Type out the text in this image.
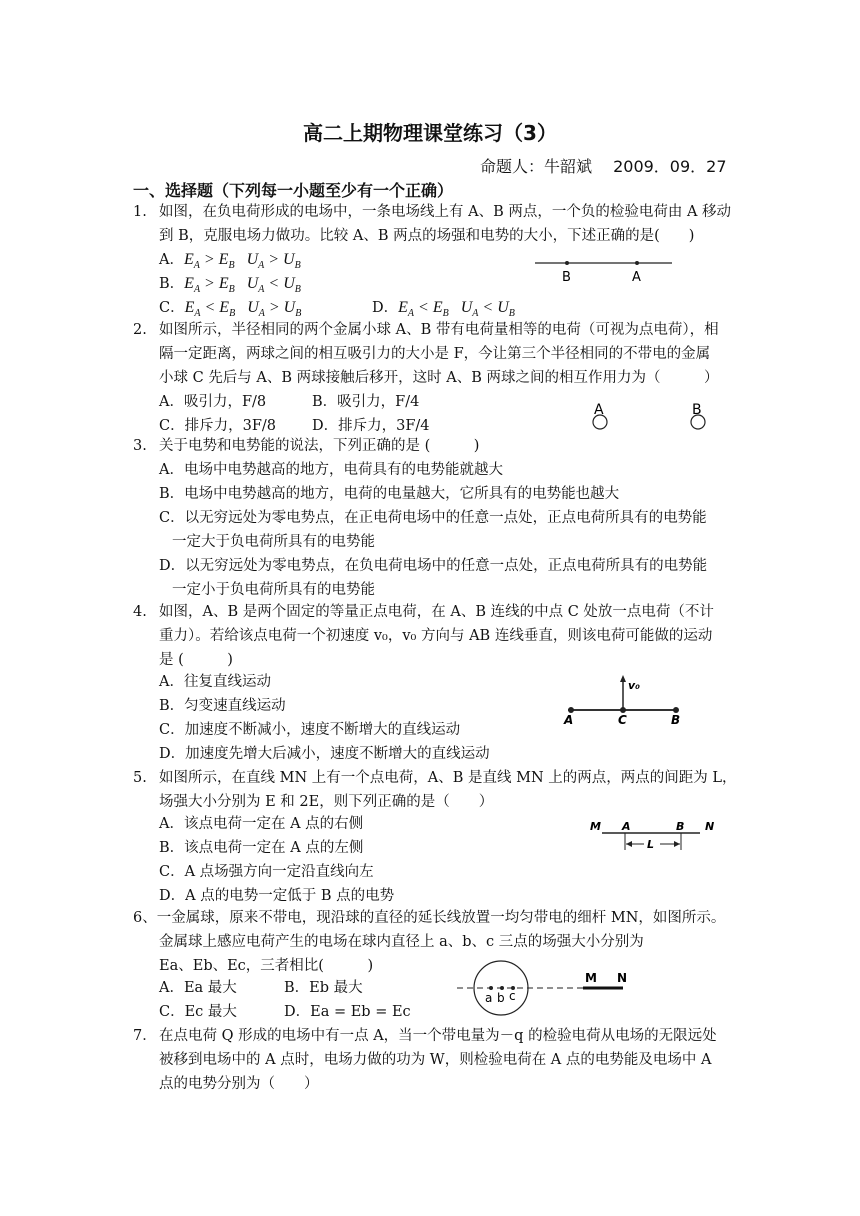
高二上期物理课堂练习（3）
命题人：牛韶斌　 2009．09．27
一、选择题（下列每一小题至少有一个正确）
1. 如图，在负电荷形成的电场中，一条电场线上有 A、B 两点，一个负的检验电荷由 A 移动
到 B，克服电场力做功。比较 A、B 两点的场强和电势的大小，下述正确的是(　　)
A．$E_A > E_B$   $U_A > U_B$
B．$E_A > E_B$   $U_A < U_B$
C．$E_A < E_B$   $U_A > U_B$	D．$E_A < E_B$   $U_A < U_B$
B	A
2. 如图所示，半径相同的两个金属小球 A、B 带有电荷量相等的电荷（可视为点电荷），相
隔一定距离，两球之间的相互吸引力的大小是 F，今让第三个半径相同的不带电的金属
小球 C 先后与 A、B 两球接触后移开，这时 A、B 两球之间的相互作用力为（　　　）
A．吸引力，F/8	B．吸引力，F/4
C．排斥力，3F/8 D．排斥力，3F/4
A	B
3. 关于电势和电势能的说法，下列正确的是 (　　　)
A．电场中电势越高的地方，电荷具有的电势能就越大
B．电场中电势越高的地方，电荷的电量越大，它所具有的电势能也越大
C．以无穷远处为零电势点，在正电荷电场中的任意一点处，正点电荷所具有的电势能
一定大于负电荷所具有的电势能
D．以无穷远处为零电势点，在负电荷电场中的任意一点处，正点电荷所具有的电势能
一定小于负电荷所具有的电势能
4. 如图，A、B 是两个固定的等量正点电荷，在 A、B 连线的中点 C 处放一点电荷（不计
重力）。若给该点电荷一个初速度 v₀，v₀ 方向与 AB 连线垂直，则该电荷可能做的运动
是 (　　　)
A．往复直线运动
B．匀变速直线运动
C．加速度不断减小，速度不断增大的直线运动
D．加速度先增大后减小，速度不断增大的直线运动
v₀
A	C	B
5. 如图所示，在直线 MN 上有一个点电荷，A、B 是直线 MN 上的两点，两点的间距为 L，
场强大小分别为 E 和 2E，则下列正确的是（　　）
A．该点电荷一定在 A 点的右侧
B．该点电荷一定在 A 点的左侧
C．A 点场强方向一定沿直线向左
D．A 点的电势一定低于 B 点的电势
M A	B N
L
6、一金属球，原来不带电，现沿球的直径的延长线放置一均匀带电的细杆 MN，如图所示。
金属球上感应电荷产生的电场在球内直径上 a、b、c 三点的场强大小分别为
Ea、Eb、Ec，三者相比(　　　)
A．Ea 最大	B．Eb 最大
C．Ec 最大	D．Ea = Eb = Ec
a b c
M N
7． 在点电荷 Q 形成的电场中有一点 A，当一个带电量为－q 的检验电荷从电场的无限远处
被移到电场中的 A 点时，电场力做的功为 W，则检验电荷在 A 点的电势能及电场中 A
点的电势分别为（　　）
